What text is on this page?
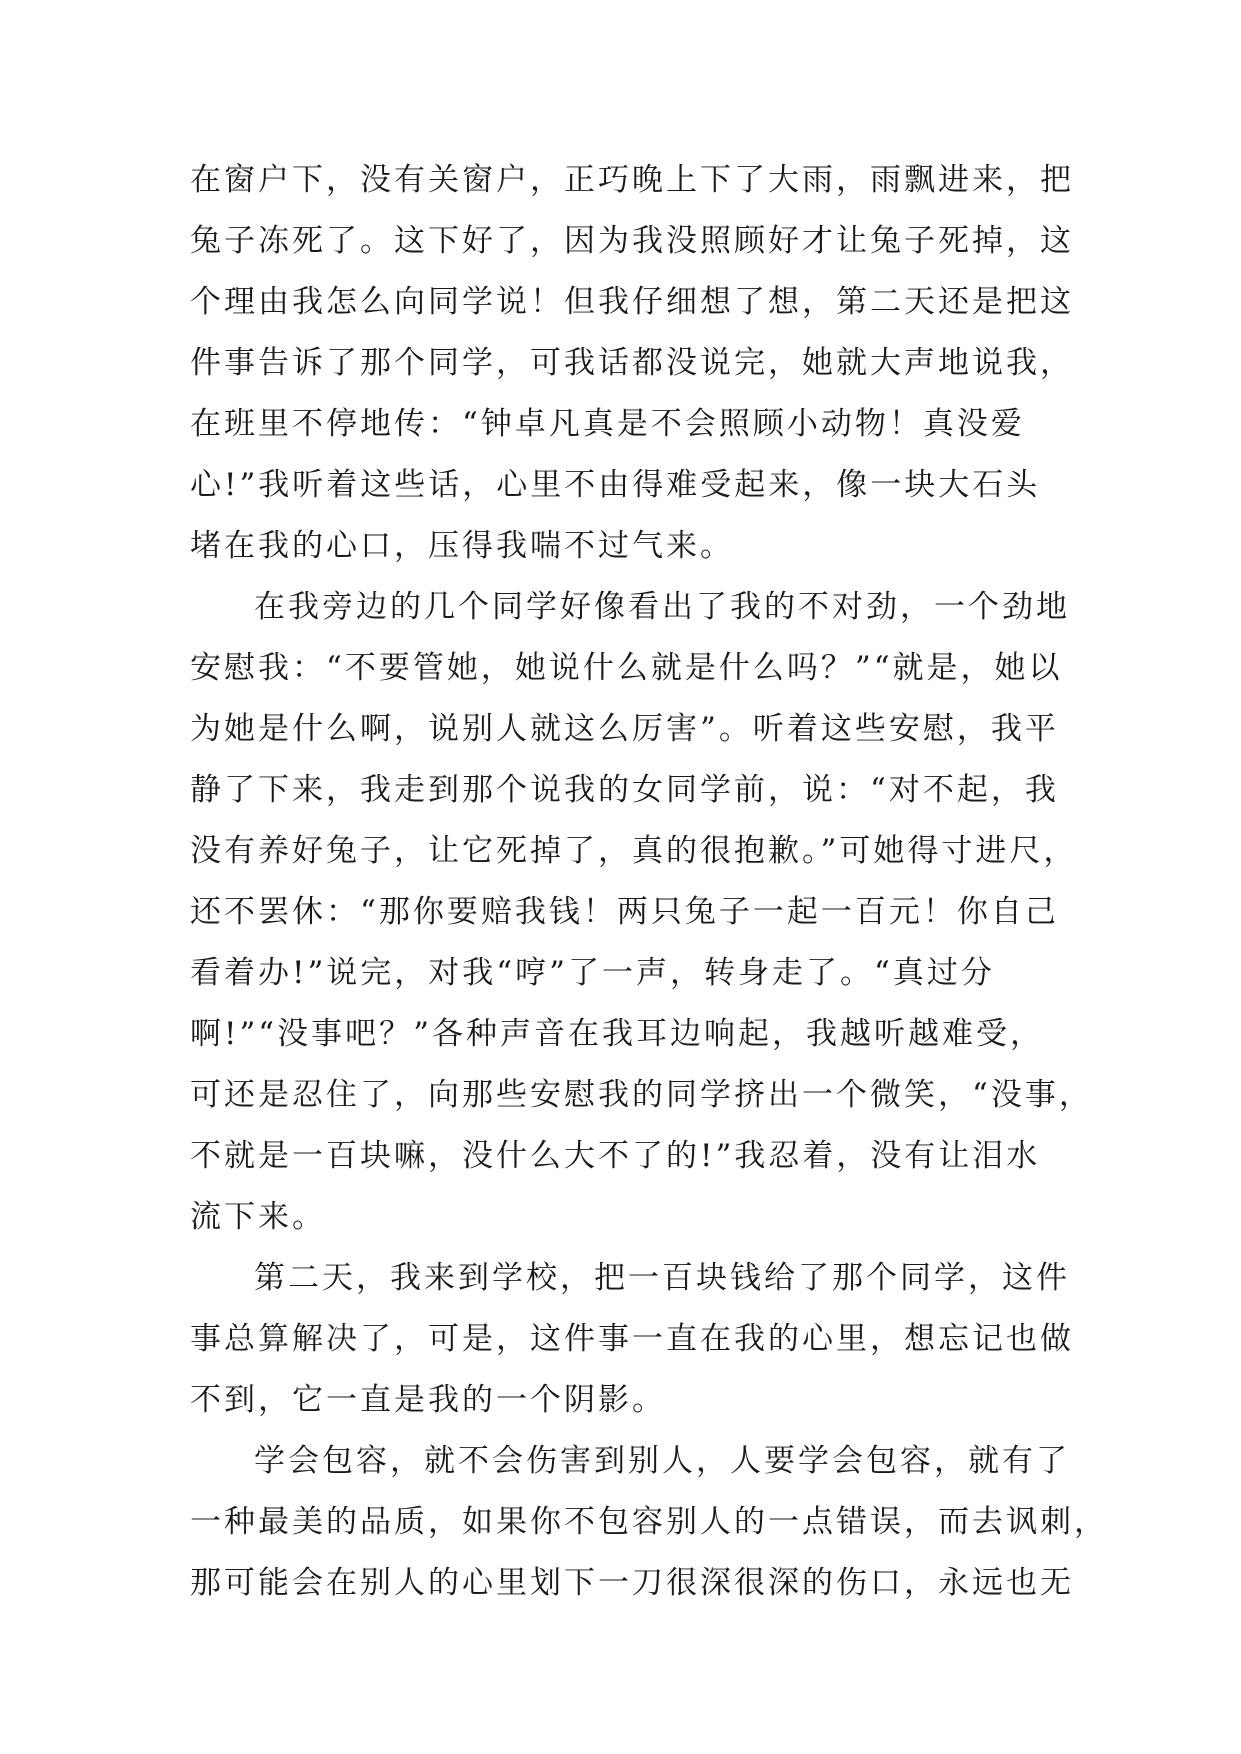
在窗户下，没有关窗户，正巧晚上下了大雨，雨飘进来，把
兔子冻死了。这下好了，因为我没照顾好才让兔子死掉，这
个理由我怎么向同学说！但我仔细想了想，第二天还是把这
件事告诉了那个同学，可我话都没说完，她就大声地说我，
在班里不停地传：“钟卓凡真是不会照顾小动物！真没爱
心!”我听着这些话，心里不由得难受起来，像一块大石头
堵在我的心口，压得我喘不过气来。
在我旁边的几个同学好像看出了我的不对劲，一个劲地
安慰我：“不要管她，她说什么就是什么吗？”“就是，她以
为她是什么啊，说别人就这么厉害”。听着这些安慰，我平
静了下来，我走到那个说我的女同学前，说：“对不起，我
没有养好兔子，让它死掉了，真的很抱歉。”可她得寸进尺，
还不罢休：“那你要赔我钱！两只兔子一起一百元！你自己
看着办!”说完，对我“哼”了一声，转身走了。“真过分
啊!”“没事吧？”各种声音在我耳边响起，我越听越难受，
可还是忍住了，向那些安慰我的同学挤出一个微笑，“没事，
不就是一百块嘛，没什么大不了的!”我忍着，没有让泪水
流下来。
第二天，我来到学校，把一百块钱给了那个同学，这件
事总算解决了，可是，这件事一直在我的心里，想忘记也做
不到，它一直是我的一个阴影。
学会包容，就不会伤害到别人，人要学会包容，就有了
一种最美的品质，如果你不包容别人的一点错误，而去讽刺，
那可能会在别人的心里划下一刀很深很深的伤口，永远也无
